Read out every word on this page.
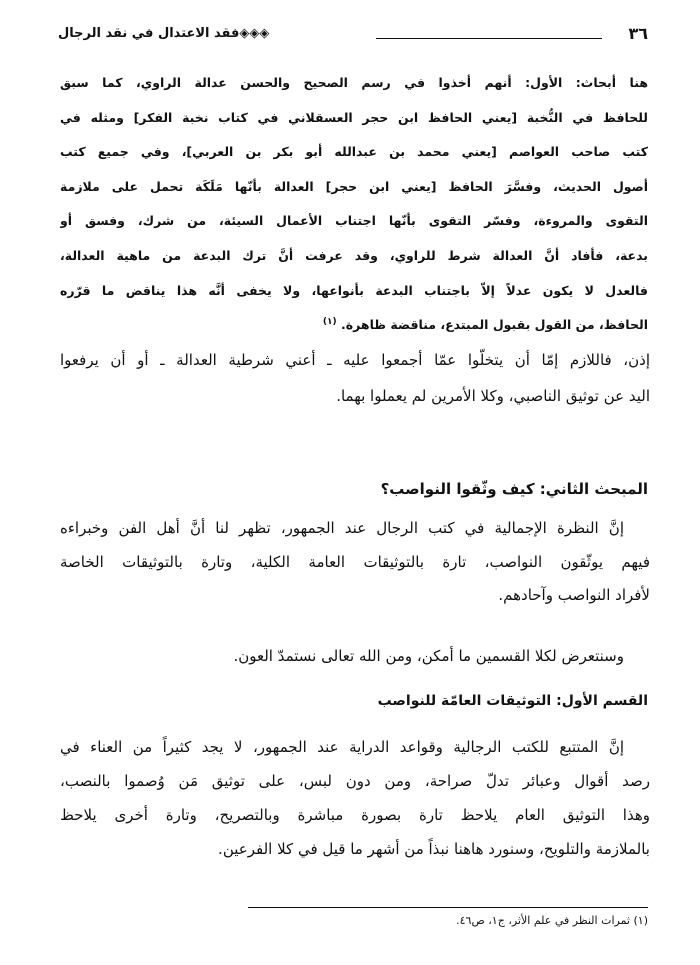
٣٦
◈◈◈فقد الاعتدال في نقد الرجال
هنا أبحاث: الأول: أنهم أخذوا في رسم الصحيح والحسن عدالة الراوي، كما سبق
للحافظ في النُّخبة [يعني الحافظ ابن حجر العسقلاني في كتاب نخبة الفكر] ومثله في
كتب صاحب العواصم [يعني محمد بن عبدالله أبو بكر بن العربي]، وفي جميع كتب
أصول الحديث، وفسَّرَ الحافظ [يعني ابن حجر] العدالة بأنّها مَلَكَة تحمل على ملازمة
التقوى والمروءة، وفسّر التقوى بأنّها اجتناب الأعمال السيئة، من شرك، وفسق أو
بدعة، فأفاد أنَّ العدالة شرط للراوي، وقد عرفت أنَّ ترك البدعة من ماهية العدالة،
فالعدل لا يكون عدلاً إلاّ باجتناب البدعة بأنواعها، ولا يخفى أنَّه هذا يناقض ما قرّره
الحافظ، من القول بقبول المبتدع، مناقضة ظاهرة. $^{(١)}$
إذن، فاللازم إمّا أن يتخلّوا عمّا أجمعوا عليه ـ أعني شرطية العدالة ـ أو أن يرفعوا
اليد عن توثيق الناصبي، وكلا الأمرين لم يعملوا بهما.
المبحث الثاني: كيف وثّقوا النواصب؟
إنَّ النظرة الإجمالية في كتب الرجال عند الجمهور، تظهر لنا أنَّ أهل الفن وخبراءه
فيهم يوثّقون النواصب، تارة بالتوثيقات العامة الكلية، وتارة بالتوثيقات الخاصة
لأفراد النواصب وآحادهم.
وسنتعرض لكلا القسمين ما أمكن، ومن الله تعالى نستمدّ العون.
القسم الأول: التوثيقات العامّة للنواصب
إنَّ المتتبع للكتب الرجالية وقواعد الدراية عند الجمهور، لا يجد كثيراً من العناء في
رصد أقوال وعبائر تدلّ صراحة، ومن دون لبس، على توثيق مَن وُصموا بالنصب،
وهذا التوثيق العام يلاحظ تارة بصورة مباشرة وبالتصريح، وتارة أخرى يلاحظ
بالملازمة والتلويح، وسنورد هاهنا نبذاً من أشهر ما قيل في كلا الفرعين.
(١) ثمرات النظر في علم الأثر، ج١، ص٤٦.
